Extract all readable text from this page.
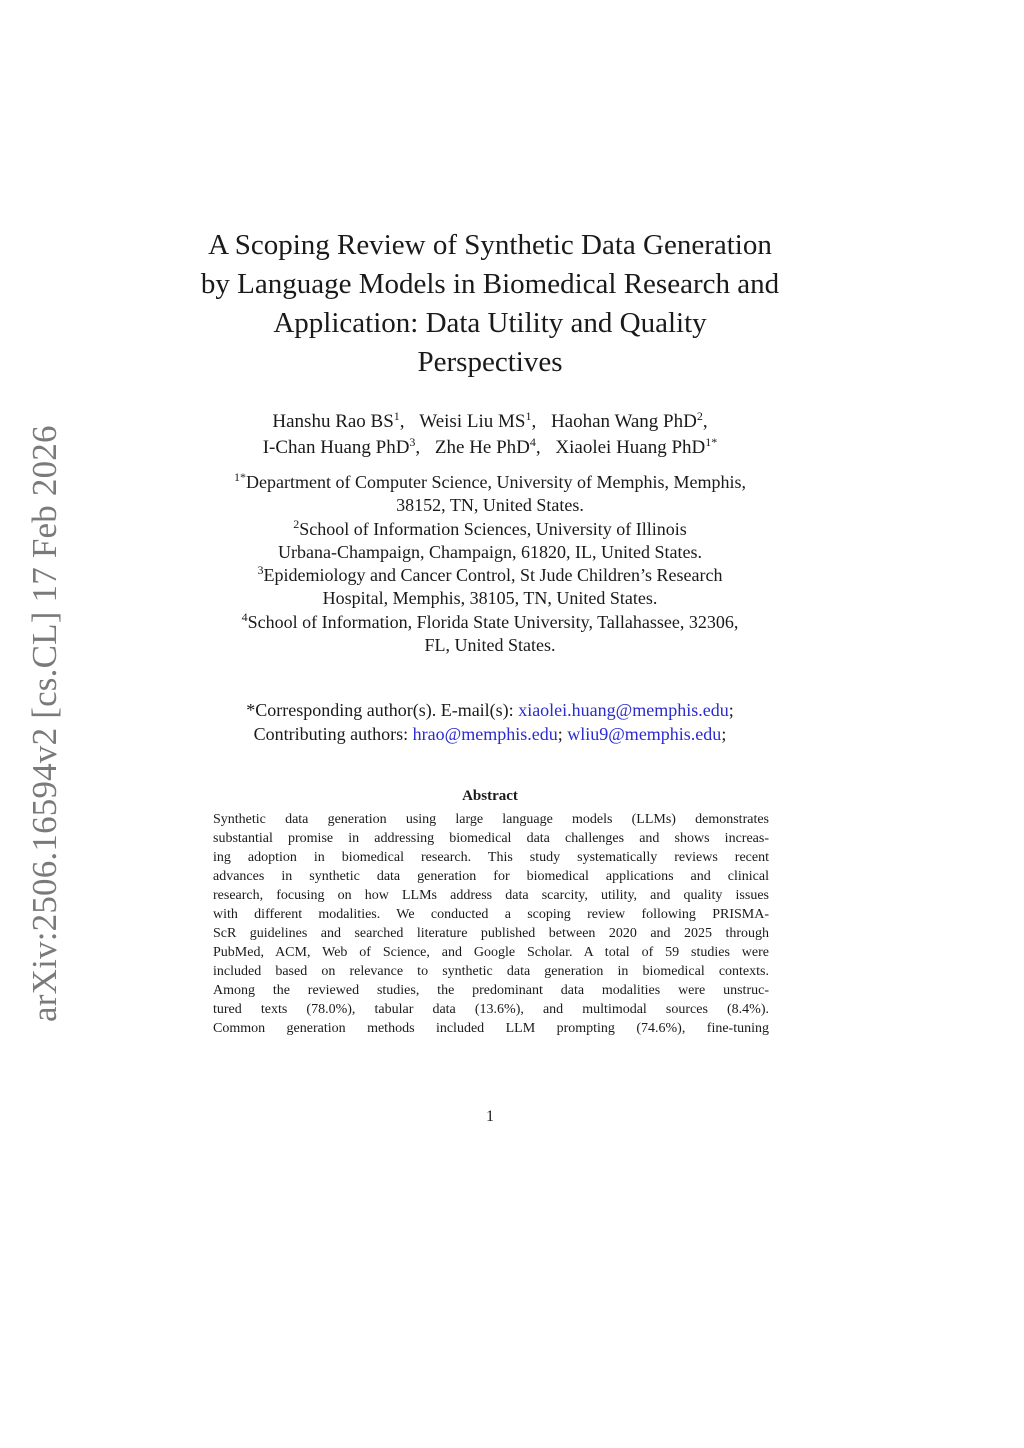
arXiv:2506.16594v2 [cs.CL] 17 Feb 2026
A Scoping Review of Synthetic Data Generation
by Language Models in Biomedical Research and
Application: Data Utility and Quality
Perspectives
Hanshu Rao $BS^1$, Weisi Liu $MS^1$, Haohan Wang PhD$^2$,
I-Chan Huang PhD$^3$, Zhe He PhD$^4$, Xiaolei Huang PhD$^{1*}$
$^{1*}$Department of Computer Science, University of Memphis, Memphis,
38152, TN, United States.
$^2$School of Information Sciences, University of Illinois
Urbana-Champaign, Champaign, 61820, IL, United States.
$^3$Epidemiology and Cancer Control, St Jude Children’s Research
Hospital, Memphis, 38105, TN, United States.
$^4$School of Information, Florida State University, Tallahassee, 32306,
FL, United States.
*Corresponding author(s). E-mail(s): xiaolei.huang@memphis.edu;
Contributing authors: hrao@memphis.edu; wliu9@memphis.edu;
Abstract
Synthetic data generation using large language models (LLMs) demonstrates
substantial promise in addressing biomedical data challenges and shows increas-
ing adoption in biomedical research. This study systematically reviews recent
advances in synthetic data generation for biomedical applications and clinical
research, focusing on how LLMs address data scarcity, utility, and quality issues
with different modalities. We conducted a scoping review following PRISMA-
ScR guidelines and searched literature published between 2020 and 2025 through
PubMed, ACM, Web of Science, and Google Scholar. A total of 59 studies were
included based on relevance to synthetic data generation in biomedical contexts.
Among the reviewed studies, the predominant data modalities were unstruc-
tured texts (78.0%), tabular data (13.6%), and multimodal sources (8.4%).
Common generation methods included LLM prompting (74.6%), fine-tuning
1
